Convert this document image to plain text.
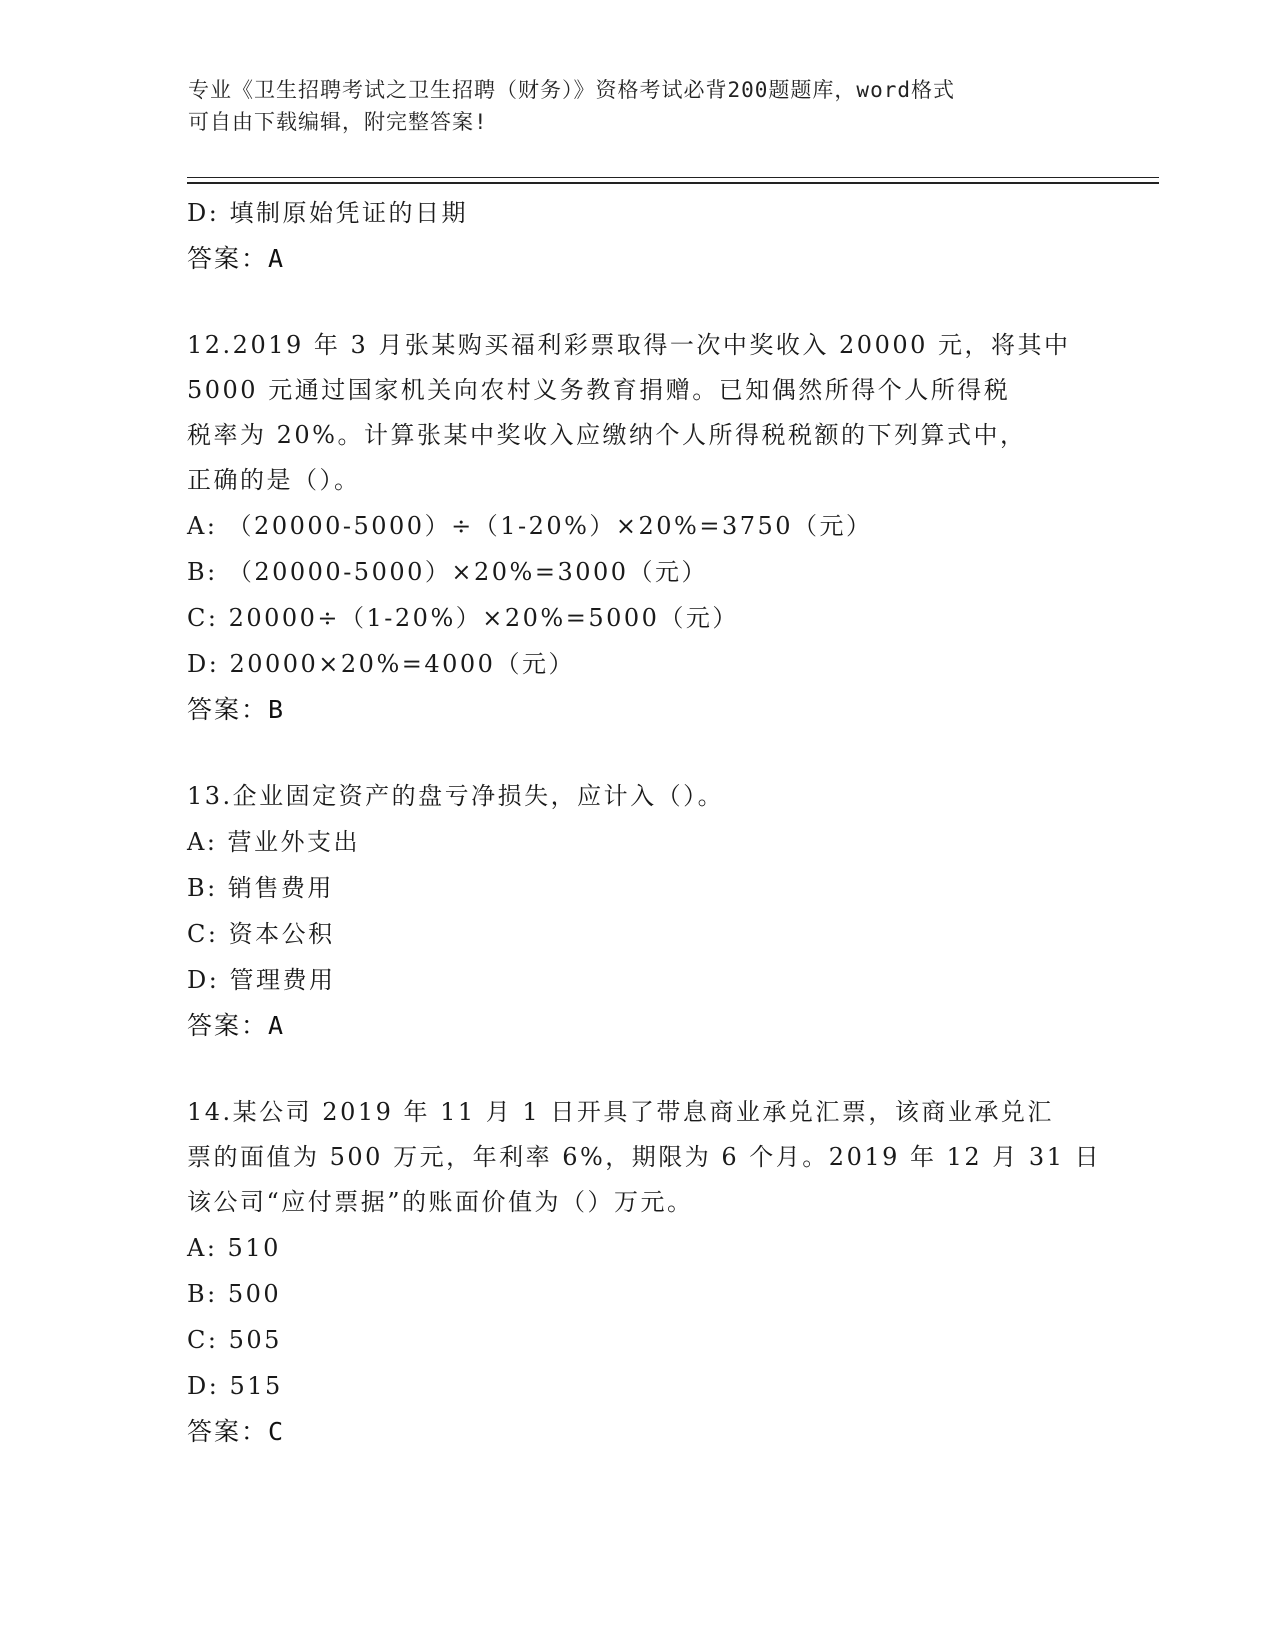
专业《卫生招聘考试之卫生招聘（财务）》资格考试必背200题题库，word格式
可自由下载编辑，附完整答案!
D: 填制原始凭证的日期
答案：A
12.2019 年 3 月张某购买福利彩票取得一次中奖收入 20000 元，将其中
5000 元通过国家机关向农村义务教育捐赠。已知偶然所得个人所得税
税率为 20%。计算张某中奖收入应缴纳个人所得税税额的下列算式中，
正确的是（）。
A: （20000-5000）÷（1-20%）×20%=3750（元）
B: （20000-5000）×20%=3000（元）
C: 20000÷（1-20%）×20%=5000（元）
D: 20000×20%=4000（元）
答案：B
13.企业固定资产的盘亏净损失，应计入（）。
A: 营业外支出
B: 销售费用
C: 资本公积
D: 管理费用
答案：A
14.某公司 2019 年 11 月 1 日开具了带息商业承兑汇票，该商业承兑汇
票的面值为 500 万元，年利率 6%，期限为 6 个月。2019 年 12 月 31 日
该公司“应付票据”的账面价值为（）万元。
A: 510
B: 500
C: 505
D: 515
答案：C
